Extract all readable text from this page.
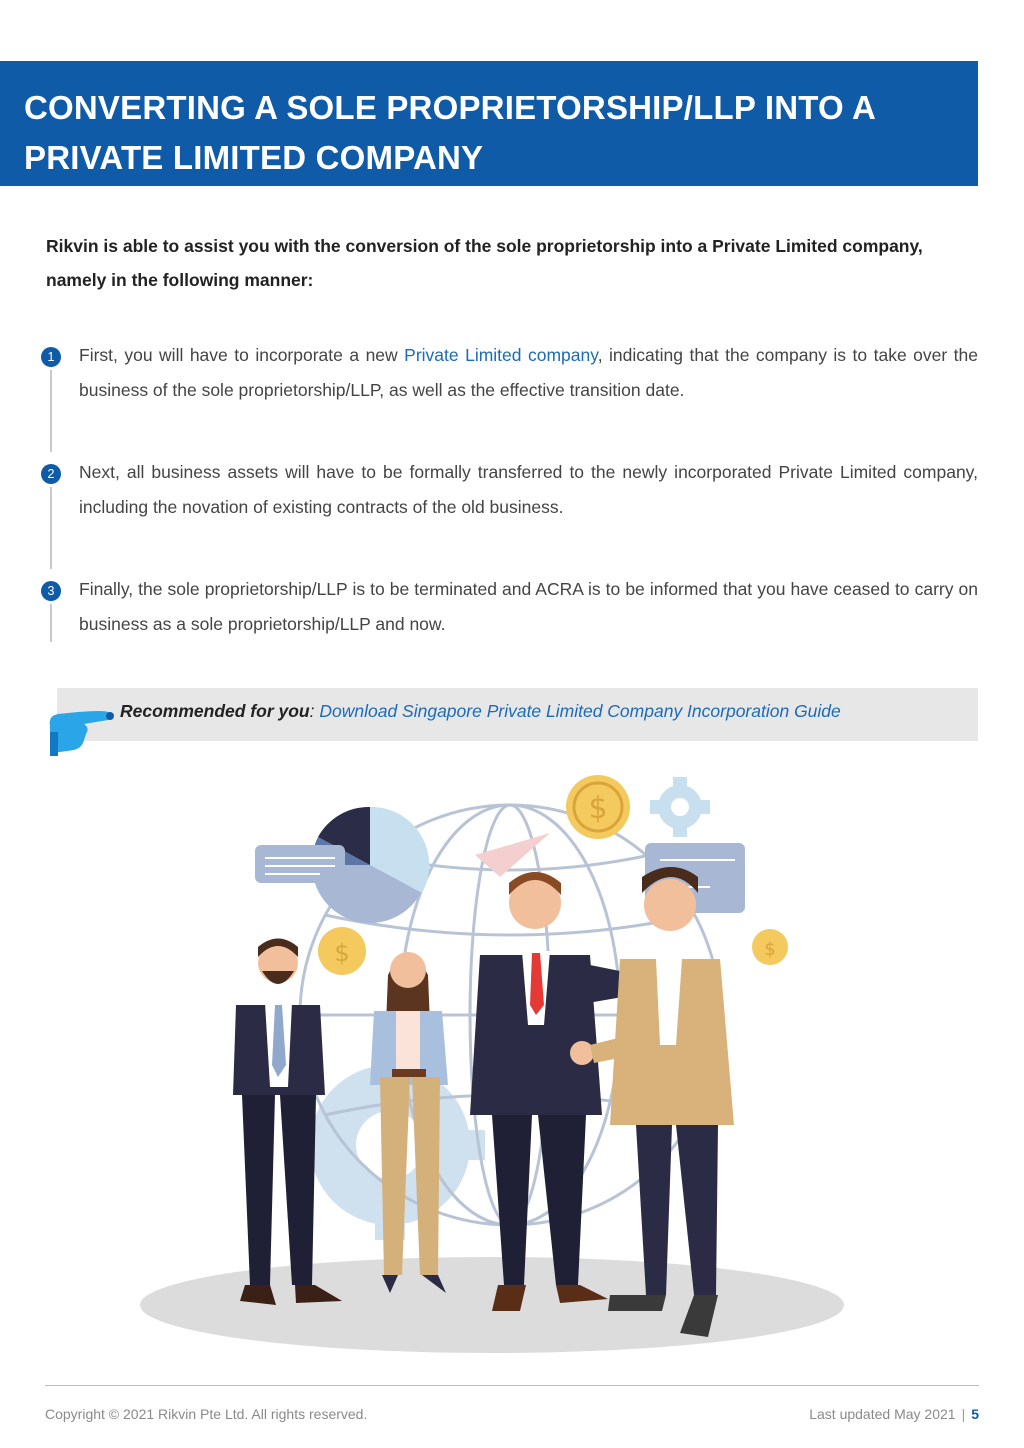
CONVERTING A SOLE PROPRIETORSHIP/LLP INTO A PRIVATE LIMITED COMPANY
Rikvin is able to assist you with the conversion of the sole proprietorship into a Private Limited company, namely in the following manner:
1	First, you will have to incorporate a new Private Limited company, indicating that the company is to take over the business of the sole proprietorship/LLP, as well as the effective transition date.
2	Next, all business assets will have to be formally transferred to the newly incorporated Private Limited company, including the novation of existing contracts of the old business.
3	Finally, the sole proprietorship/LLP is to be terminated and ACRA is to be informed that you have ceased to carry on business as a sole proprietorship/LLP and now.
Recommended for you: Download Singapore Private Limited Company Incorporation Guide
$
$	$
Copyright © 2021 Rikvin Pte Ltd. All rights reserved.	Last updated May 2021 | 5
